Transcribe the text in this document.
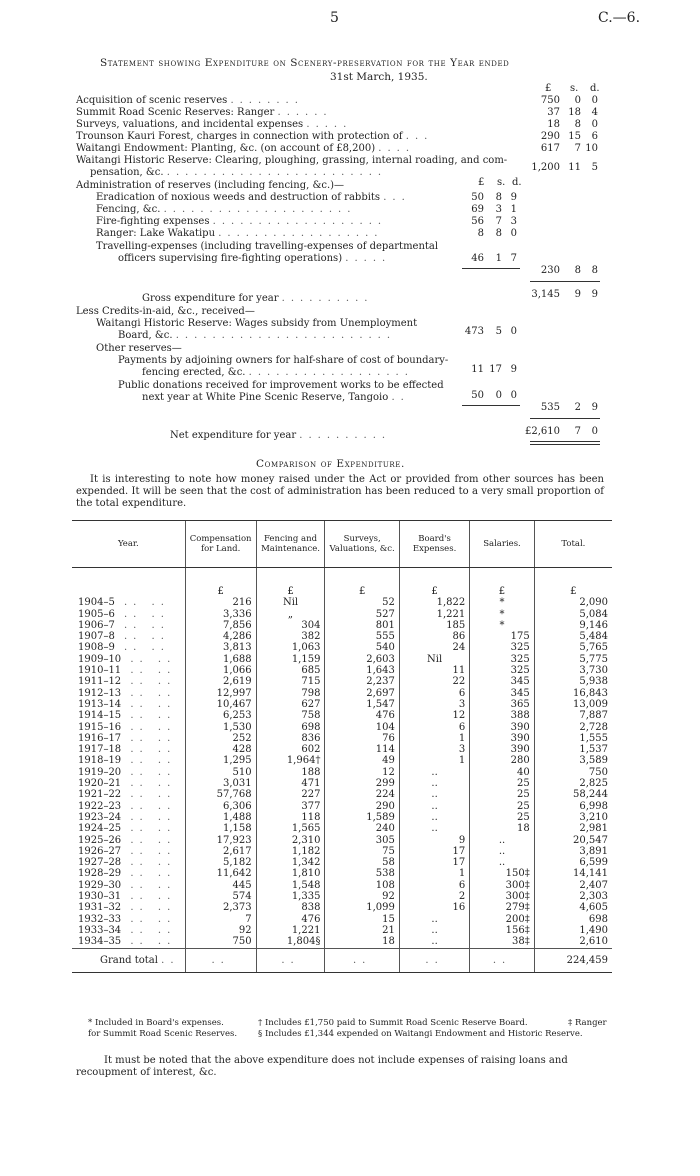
5	C.—6.
Statement showing Expenditure on Scenery-preservation for the Year ended
31st March, 1935.
£ s. d.
Acquisition of scenic reserves ........	750	0	0
Summit Road Scenic Reserves: Ranger ......	37 18	4
Surveys, valuations, and incidental expenses .....	18	8	0
Trounson Kauri Forest, charges in connection with protection of ...	290 15	6
Waitangi Endowment: Planting, &c. (on account of £8,200) ....	617	7 10
Waitangi Historic Reserve: Clearing, ploughing, grassing, internal roading, and com-
pensation, &c. ........................	1,200 11	5
Administration of reserves (including fencing, &c.)—	£ s. d.
Eradication of noxious weeds and destruction of rabbits ...	50	8 9
Fencing, &c. .....................	69	3 1
Fire-fighting expenses ...................	56	7 3
Ranger: Lake Wakatipu ..................	8	8 0
Travelling-expenses (including travelling-expenses of departmental
officers supervising fire-fighting operations) .....	46	1 7
230	8	8
Gross expenditure for year ..........	3,145	9	9
Less Credits-in-aid, &c., received—
Waitangi Historic Reserve: Wages subsidy from Unemployment
Board, &c. ........................	473	5 0
Other reserves—
Payments by adjoining owners for half-share of cost of boundary-
fencing erected, &c. ..................	11 17 9
Public donations received for improvement works to be effected
next year at White Pine Scenic Reserve, Tangoio ..	50	0 0
535	2	9
Net expenditure for year ..........	£2,610	7	0
Comparison of Expenditure.
It is interesting to note how money raised under the Act or provided from other sources has been expended. It will be seen that the cost of administration has been reduced to a very small proportion of the total expenditure.
Year.	Compensation for Land.	Fencing and Maintenance.	Surveys, Valuations, &c.	Board's Expenses.	Salaries.	Total.
	£	£	£	£	£	£
1904–5 .. ..	216	Nil	52	1,822	*	2,090
1905–6 .. ..	3,336	„	527	1,221	*	5,084
1906–7 .. ..	7,856	304	801	185	*	9,146
1907–8 .. ..	4,286	382	555	86	175	5,484
1908–9 .. ..	3,813	1,063	540	24	325	5,765
1909–10 .. ..	1,688	1,159	2,603	Nil	325	5,775
1910–11 .. ..	1,066	685	1,643	11	325	3,730
1911–12 .. ..	2,619	715	2,237	22	345	5,938
1912–13 .. ..	12,997	798	2,697	6	345	16,843
1913–14 .. ..	10,467	627	1,547	3	365	13,009
1914–15 .. ..	6,253	758	476	12	388	7,887
1915–16 .. ..	1,530	698	104	6	390	2,728
1916–17 .. ..	252	836	76	1	390	1,555
1917–18 .. ..	428	602	114	3	390	1,537
1918–19 .. ..	1,295	1,964†	49	1	280	3,589
1919–20 .. ..	510	188	12	..	40	750
1920–21 .. ..	3,031	471	299	..	25	2,825
1921–22 .. ..	57,768	227	224	..	25	58,244
1922–23 .. ..	6,306	377	290	..	25	6,998
1923–24 .. ..	1,488	118	1,589	..	25	3,210
1924–25 .. ..	1,158	1,565	240	..	18	2,981
1925–26 .. ..	17,923	2,310	305	9	..	20,547
1926–27 .. ..	2,617	1,182	75	17	..	3,891
1927–28 .. ..	5,182	1,342	58	17	..	6,599
1928–29 .. ..	11,642	1,810	538	1	150‡	14,141
1929–30 .. ..	445	1,548	108	6	300‡	2,407
1930–31 .. ..	574	1,335	92	2	300‡	2,303
1931–32 .. ..	2,373	838	1,099	16	279‡	4,605
1932–33 .. ..	7	476	15	..	200‡	698
1933–34 .. ..	92	1,221	21	..	156‡	1,490
1934–35 .. ..	750	1,804§	18	..	38‡	2,610
Grand total ..	..	..	..	..	..	224,459
* Included in Board's expenses.
for Summit Road Scenic Reserves.
† Includes £1,750 paid to Summit Road Scenic Reserve Board.
§ Includes £1,344 expended on Waitangi Endowment and Historic Reserve.
‡ Ranger
It must be noted that the above expenditure does not include expenses of raising loans and recoupment of interest, &c.
